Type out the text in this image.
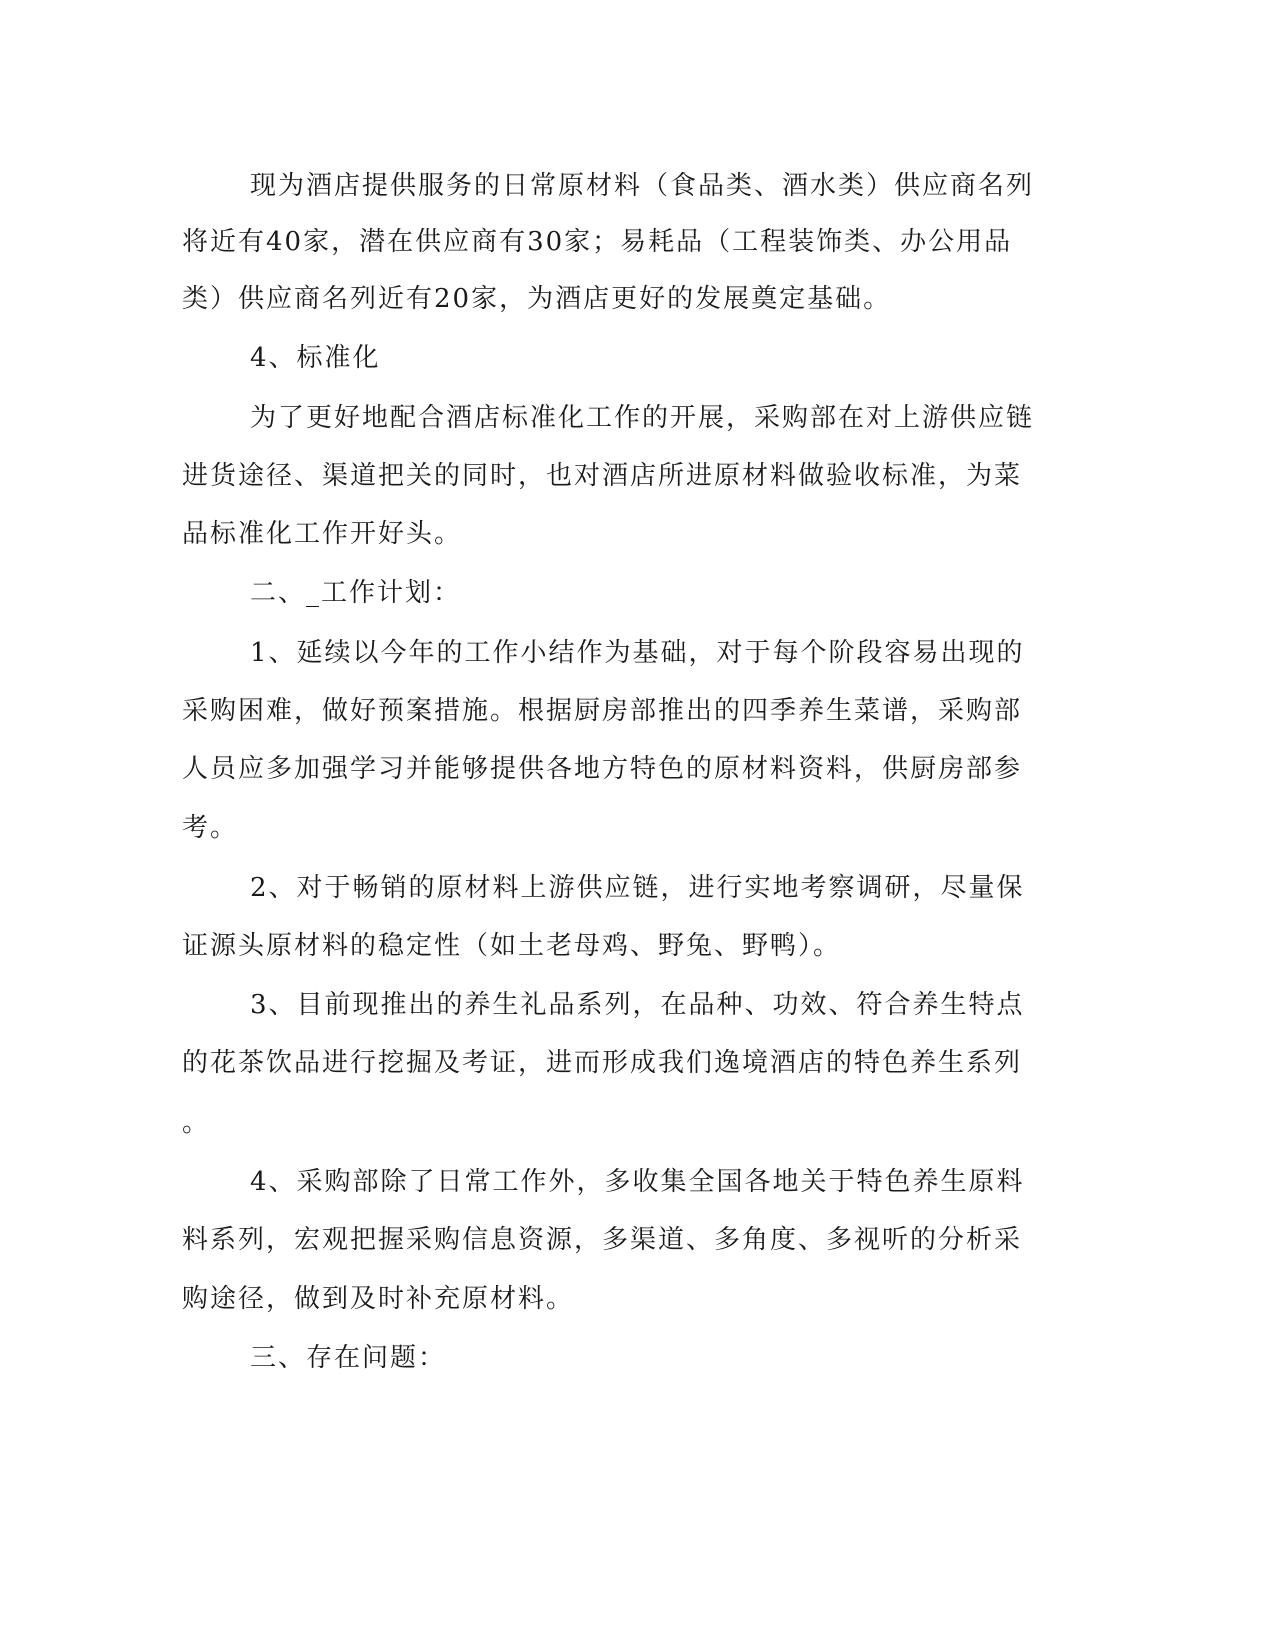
现为酒店提供服务的日常原材料（食品类、酒水类）供应商名列
将近有40家，潜在供应商有30家；易耗品（工程装饰类、办公用品
类）供应商名列近有20家，为酒店更好的发展奠定基础。
4、标准化
为了更好地配合酒店标准化工作的开展，采购部在对上游供应链
进货途径、渠道把关的同时，也对酒店所进原材料做验收标准，为菜
品标准化工作开好头。
二、_工作计划：
1、延续以今年的工作小结作为基础，对于每个阶段容易出现的
采购困难，做好预案措施。根据厨房部推出的四季养生菜谱，采购部
人员应多加强学习并能够提供各地方特色的原材料资料，供厨房部参
考。
2、对于畅销的原材料上游供应链，进行实地考察调研，尽量保
证源头原材料的稳定性（如土老母鸡、野兔、野鸭）。
3、目前现推出的养生礼品系列，在品种、功效、符合养生特点
的花茶饮品进行挖掘及考证，进而形成我们逸境酒店的特色养生系列
。
4、采购部除了日常工作外，多收集全国各地关于特色养生原料
料系列，宏观把握采购信息资源，多渠道、多角度、多视听的分析采
购途径，做到及时补充原材料。
三、存在问题：
